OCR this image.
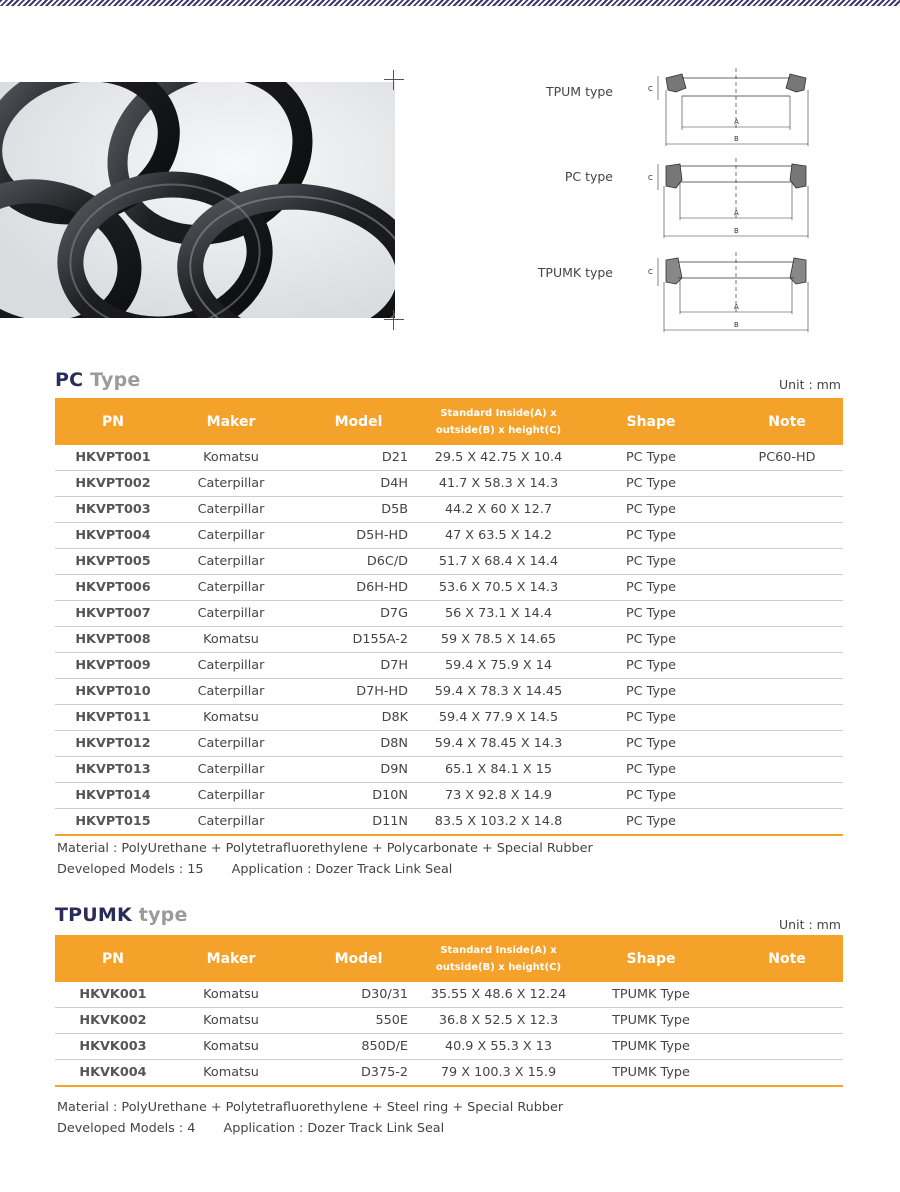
TPUM type
PC type
TPUMK type
C
A
B
C
A
B
C
A
B
PC Type	Unit : mm
PN	Maker	Model	Standard Inside(A) x
outside(B) x height(C)	Shape	Note
HKVPT001	Komatsu	D21	29.5 X 42.75 X 10.4	PC Type	PC60-HD
HKVPT002	Caterpillar	D4H	41.7 X 58.3 X 14.3	PC Type	
HKVPT003	Caterpillar	D5B	44.2 X 60 X 12.7	PC Type	
HKVPT004	Caterpillar	D5H-HD	47 X 63.5 X 14.2	PC Type	
HKVPT005	Caterpillar	D6C/D	51.7 X 68.4 X 14.4	PC Type	
HKVPT006	Caterpillar	D6H-HD	53.6 X 70.5 X 14.3	PC Type	
HKVPT007	Caterpillar	D7G	56 X 73.1 X 14.4	PC Type	
HKVPT008	Komatsu	D155A-2	59 X 78.5 X 14.65	PC Type	
HKVPT009	Caterpillar	D7H	59.4 X 75.9 X 14	PC Type	
HKVPT010	Caterpillar	D7H-HD	59.4 X 78.3 X 14.45	PC Type	
HKVPT011	Komatsu	D8K	59.4 X 77.9 X 14.5	PC Type	
HKVPT012	Caterpillar	D8N	59.4 X 78.45 X 14.3	PC Type	
HKVPT013	Caterpillar	D9N	65.1 X 84.1 X 15	PC Type	
HKVPT014	Caterpillar	D10N	73 X 92.8 X 14.9	PC Type	
HKVPT015	Caterpillar	D11N	83.5 X 103.2 X 14.8	PC Type	
Material : PolyUrethane + Polytetrafluorethylene + Polycarbonate + Special Rubber
Developed Models : 15 Application : Dozer Track Link Seal
TPUMK type	Unit : mm
PN	Maker	Model	Standard Inside(A) x
outside(B) x height(C)	Shape	Note
HKVK001	Komatsu	D30/31	35.55 X 48.6 X 12.24	TPUMK Type	
HKVK002	Komatsu	550E	36.8 X 52.5 X 12.3	TPUMK Type	
HKVK003	Komatsu	850D/E	40.9 X 55.3 X 13	TPUMK Type	
HKVK004	Komatsu	D375-2	79 X 100.3 X 15.9	TPUMK Type	
Material : PolyUrethane + Polytetrafluorethylene + Steel ring + Special Rubber
Developed Models : 4 Application : Dozer Track Link Seal
